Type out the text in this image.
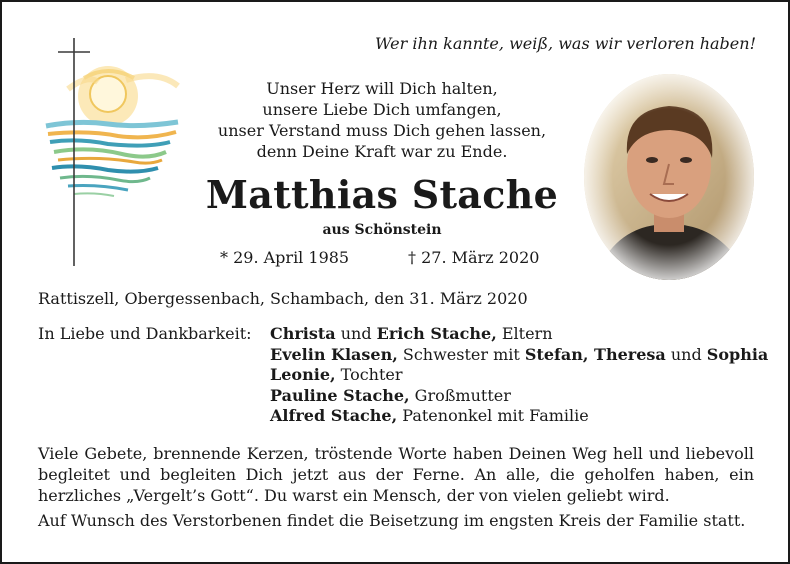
Wer ihn kannte, weiß, was wir verloren haben!
Unser Herz will Dich halten,
unsere Liebe Dich umfangen,
unser Verstand muss Dich gehen lassen,
denn Deine Kraft war zu Ende.
Matthias Stache
aus Schönstein
* 29. April 1985	† 27. März 2020
Rattiszell, Obergessenbach, Schambach, den 31. März 2020
In Liebe und Dankbarkeit: Christa und Erich Stache, Eltern
Evelin Klasen, Schwester mit Stefan, Theresa und Sophia
Leonie, Tochter
Pauline Stache, Großmutter
Alfred Stache, Patenonkel mit Familie
Viele Gebete, brennende Kerzen, tröstende Worte haben Deinen Weg hell und liebevoll begleitet und begleiten Dich jetzt aus der Ferne. An alle, die geholfen haben, ein herzliches „Vergelt’s Gott“. Du warst ein Mensch, der von vielen geliebt wird.
Auf Wunsch des Verstorbenen findet die Beisetzung im engsten Kreis der Familie statt.
